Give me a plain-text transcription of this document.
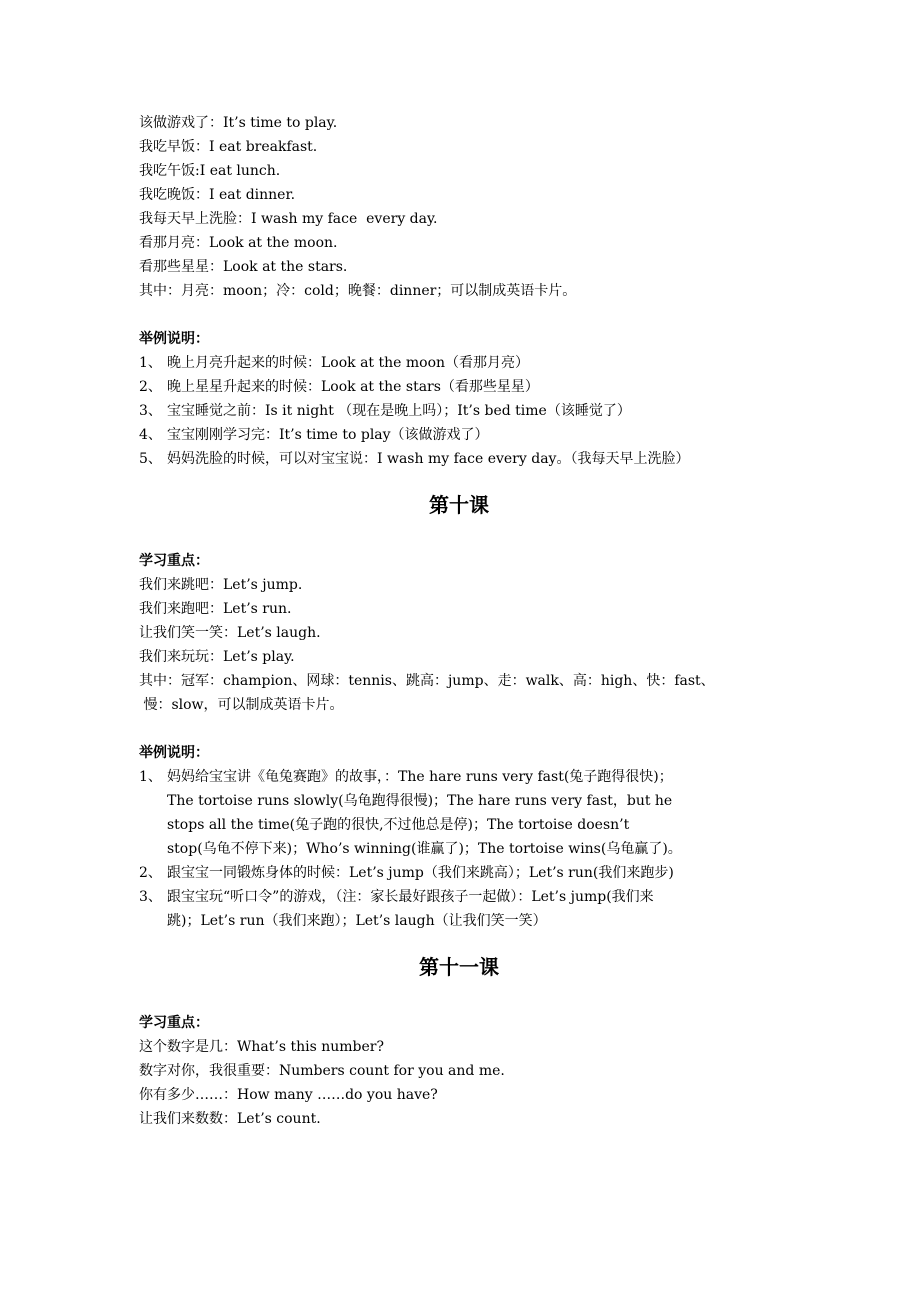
该做游戏了：It’s time to play.

我吃早饭：I eat breakfast.

我吃午饭:I eat lunch.

我吃晚饭：I eat dinner.

我每天早上洗脸：I wash my face  every day.

看那月亮：Look at the moon.

看那些星星：Look at the stars.

其中：月亮：moon；冷：cold；晚餐：dinner；可以制成英语卡片。

举例说明：
1、 晚上月亮升起来的时候：Look at the moon（看那月亮）
2、 晚上星星升起来的时候：Look at the stars（看那些星星）
3、 宝宝睡觉之前：Is it night （现在是晚上吗）；It’s bed time（该睡觉了）
4、 宝宝刚刚学习完：It’s time to play（该做游戏了）
5、 妈妈洗脸的时候，可以对宝宝说：I wash my face every day。（我每天早上洗脸）
第十课
学习重点：

我们来跳吧：Let’s jump.

我们来跑吧：Let’s run.

让我们笑一笑：Let’s laugh.

我们来玩玩：Let’s play.

其中：冠军：champion、网球：tennis、跳高：jump、走：walk、高：high、快：fast、

慢：slow，可以制成英语卡片。

举例说明：
1、 妈妈给宝宝讲《龟兔赛跑》的故事，：The hare runs very fast(兔子跑得很快)；
The tortoise runs slowly(乌龟跑得很慢)；The hare runs very fast，but he
stops all the time(兔子跑的很快,不过他总是停)；The tortoise doesn’t
stop(乌龟不停下来)；Who’s winning(谁赢了)；The tortoise wins(乌龟赢了)。
2、 跟宝宝一同锻炼身体的时候：Let’s jump（我们来跳高）；Let’s run(我们来跑步)
3、 跟宝宝玩“听口令”的游戏，（注：家长最好跟孩子一起做）：Let’s jump(我们来
跳)；Let’s run（我们来跑）；Let’s laugh（让我们笑一笑）
第十一课
学习重点：

这个数字是几：What’s this number?

数字对你，我很重要：Numbers count for you and me.

你有多少……：How many ……do you have?

让我们来数数：Let’s count.
